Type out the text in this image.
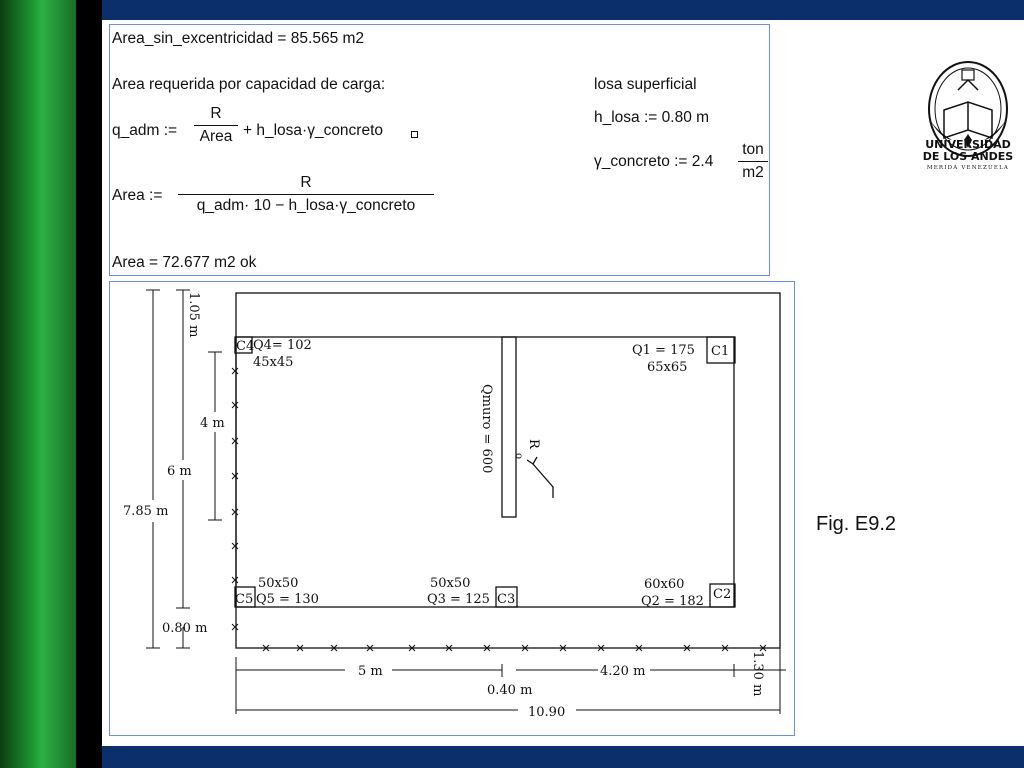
Area_sin_excentricidad = 85.565 m2
Area requerida por capacidad de carga:
q_adm :=
R
Area + h_losa·γ_concreto
Area :=
R
q_adm· 10 − h_losa·γ_concreto
Area = 72.677 m2 ok
losa superficial
h_losa := 0.80 m
γ_concreto := 2.4
ton
m2
1.05 m
4 m
6 m
7.85 m
0.80 m
5 m	4.20 m
0.40 m
10.90
1.30 m
C4
Q4= 102
45x45
C1
Q1 = 175
65x65
C5 Q5 = 130
50x50
C3
Q3 = 125
50x50
C2
Q2 = 182
60x60
Qmuro = 600 R
o
UNIVERSIDAD
DE LOS ANDES
MERIDA VENEZUELA
Fig. E9.2
